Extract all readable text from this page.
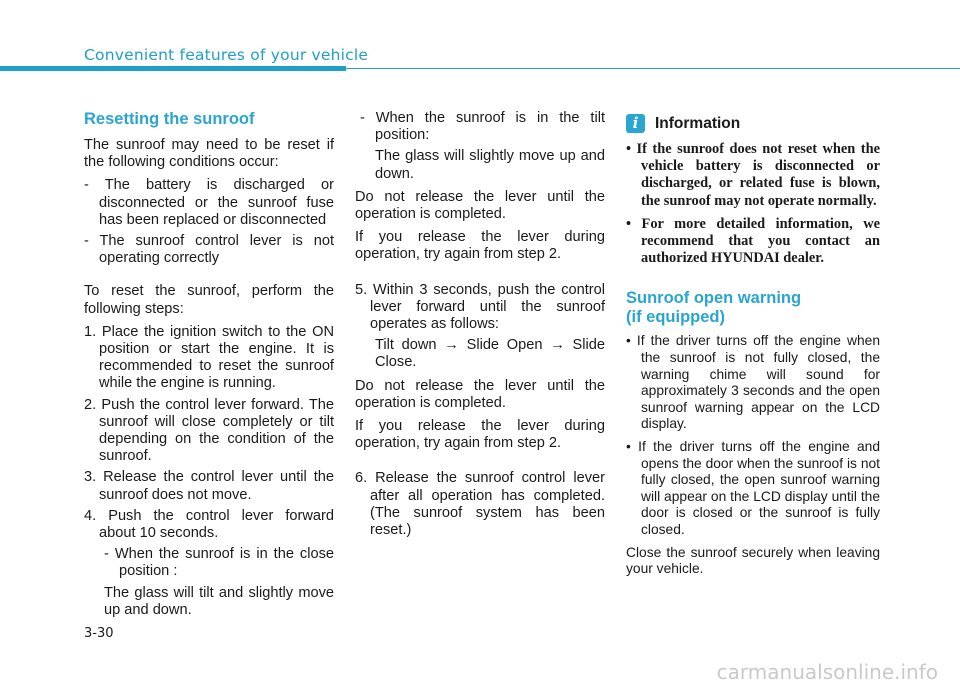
Convenient features of your vehicle
Resetting the sunroof

The sunroof may need to be reset if the following conditions occur:

- The battery is discharged or disconnected or the sunroof fuse has been replaced or disconnected

- The sunroof control lever is not operating correctly

To reset the sunroof, perform the following steps:

1. Place the ignition switch to the ON position or start the engine. It is recommended to reset the sunroof while the engine is running.

2. Push the control lever forward. The sunroof will close completely or tilt depending on the condition of the sunroof.

3. Release the control lever until the sunroof does not move.

4. Push the control lever forward about 10 seconds.

- When the sunroof is in the close position :

The glass will tilt and slightly move up and down.

- When the sunroof is in the tilt position:

The glass will slightly move up and down.

Do not release the lever until the operation is completed.

If you release the lever during operation, try again from step 2.

5. Within 3 seconds, push the control lever forward until the sunroof operates as follows:

Tilt down → Slide Open → Slide Close.

Do not release the lever until the operation is completed.

If you release the lever during operation, try again from step 2.

6. Release the sunroof control lever after all operation has completed. (The sunroof system has been reset.)

i Information
• If the sunroof does not reset when the vehicle battery is disconnected or discharged, or related fuse is blown, the sunroof may not operate normally.
• For more detailed information, we recommend that you contact an authorized HYUNDAI dealer.
Sunroof open warning
(if equipped)
• If the driver turns off the engine when the sunroof is not fully closed, the warning chime will sound for approximately 3 seconds and the open sunroof warning appear on the LCD display.
• If the driver turns off the engine and opens the door when the sunroof is not fully closed, the open sunroof warning will appear on the LCD display until the door is closed or the sunroof is fully closed.

Close the sunroof securely when leaving your vehicle.

3-30
carmanualsonline.info
